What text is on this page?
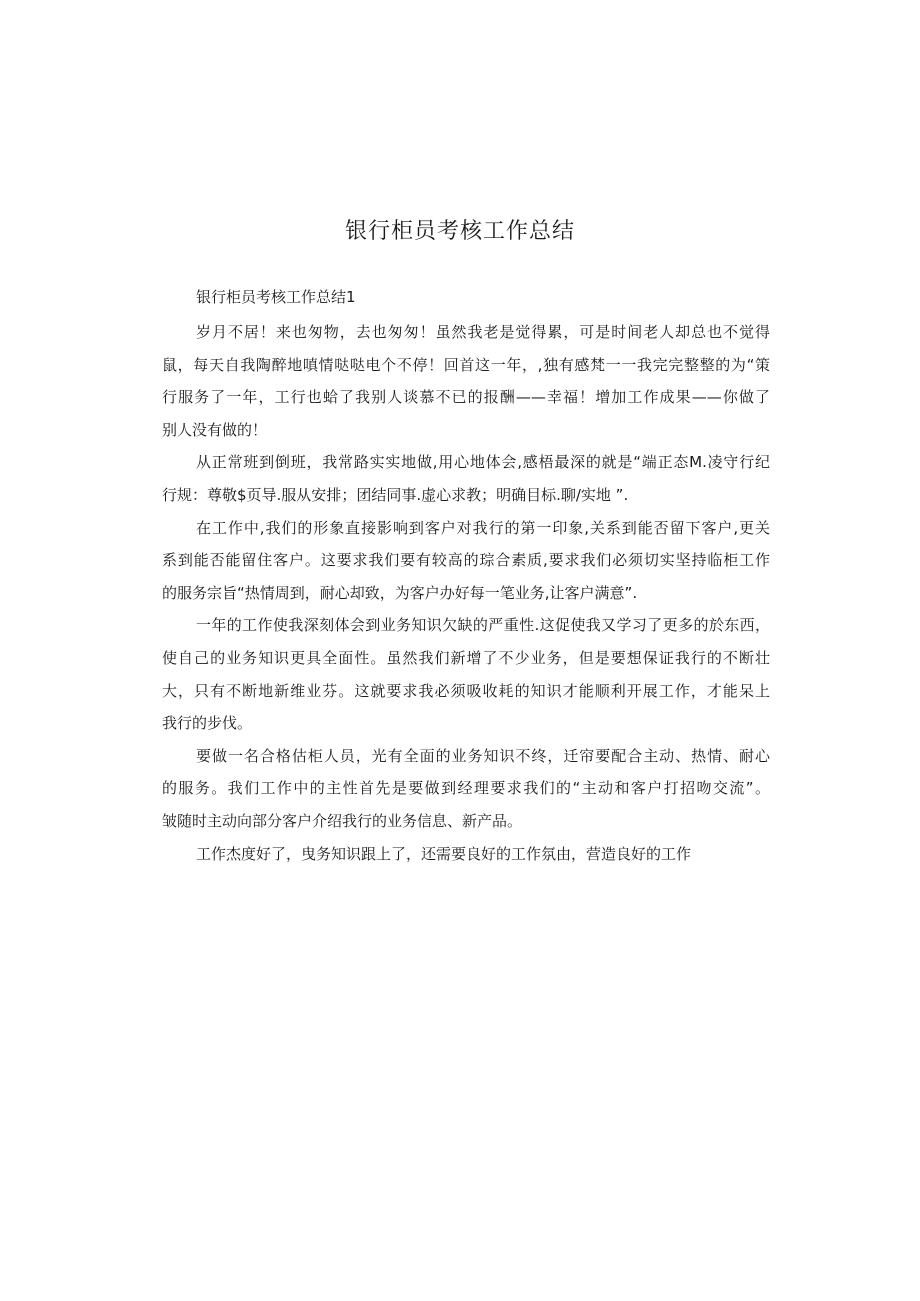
银行柜员考核工作总结
银行柜员考核工作总结1
岁月不居！来也匆物，去也匆匆！虽然我老是觉得累，可是时间老人却总也不觉得
鼠，每天自我陶醉地嗔情哒哒电个不停！回首这一年，,独有感梵一一我完完整整的为“策
行服务了一年，工行也蛤了我别人谈慕不已的报酬——幸福！增加工作成果——你做了
别人没有做的！
从正常班到倒班，我常路实实地做,用心地体会,感梧最深的就是“端正态M.凌守行纪
行规：尊敬$页导.服从安排；团结同事.虚心求教；明确目标.聊/实地 ”.
在工作中,我们的形象直接影响到客户对我行的第一印象,关系到能否留下客户,更关
系到能否能留住客户。这要求我们要有较高的琮合素质,要求我们必须切实坚持临柜工作
的服务宗旨“热情周到，耐心却致，为客户办好每一笔业务,让客户满意”.
一年的工作使我深刻体会到业务知识欠缺的严重性.这促使我又学习了更多的於东西，
使自己的业务知识更具全面性。虽然我们新增了不少业务，但是要想保证我行的不断壮
大，只有不断地新维业芬。这就要求我必须吸收耗的知识才能顺利开展工作，才能呆上
我行的步伐。
要做一名合格估柜人员，光有全面的业务知识不终，迁帘要配合主动、热情、耐心
的服务。我们工作中的主性首先是要做到经理要求我们的“主动和客户打招吻交流”。
皱随时主动向部分客户介绍我行的业务信息、新产品。
工作杰度好了，曳务知识跟上了，还需要良好的工作氛由，营造良好的工作
